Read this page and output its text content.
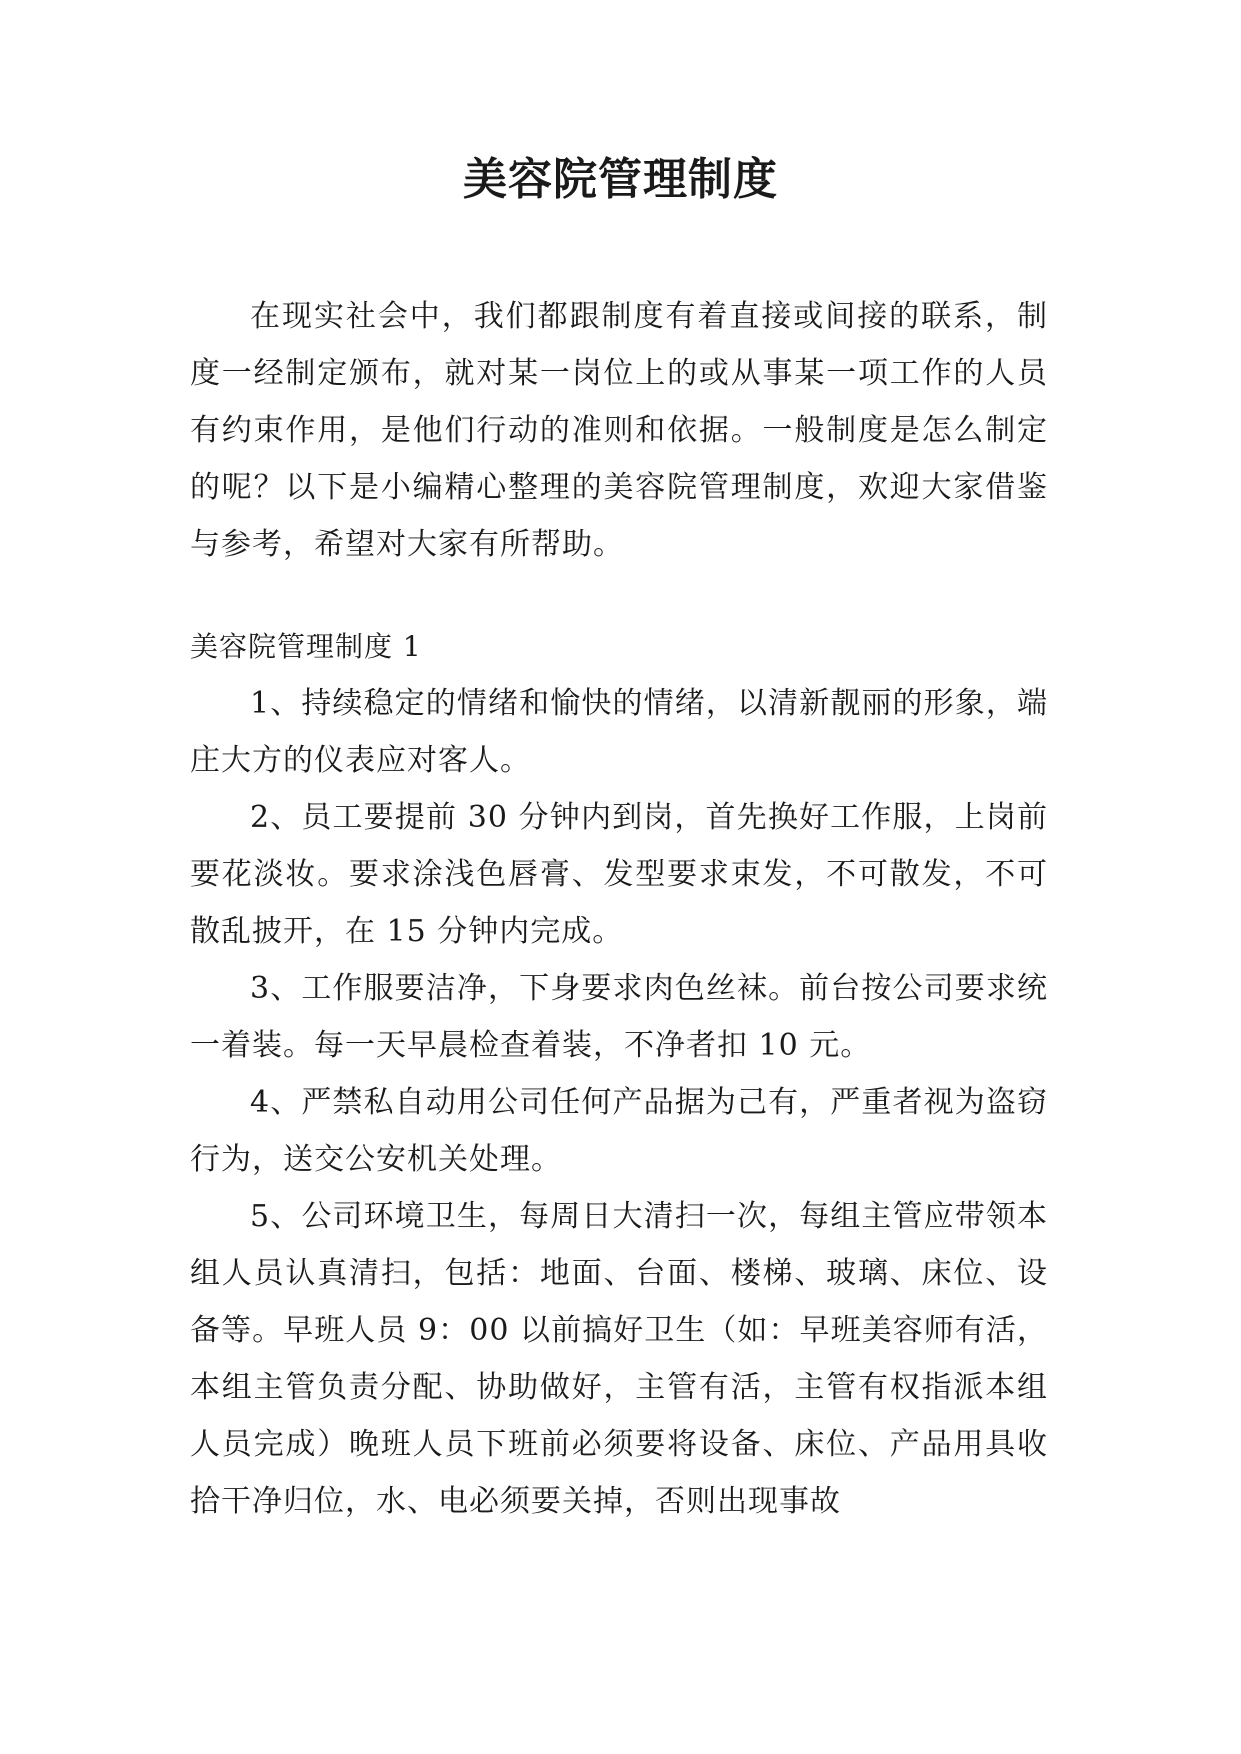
美容院管理制度

在现实社会中，我们都跟制度有着直接或间接的联系，制度一经制定颁布，就对某一岗位上的或从事某一项工作的人员有约束作用，是他们行动的准则和依据。一般制度是怎么制定的呢？以下是小编精心整理的美容院管理制度，欢迎大家借鉴与参考，希望对大家有所帮助。

美容院管理制度 1

1、持续稳定的情绪和愉快的情绪，以清新靓丽的形象，端庄大方的仪表应对客人。

2、员工要提前 30 分钟内到岗，首先换好工作服，上岗前要花淡妆。要求涂浅色唇膏、发型要求束发，不可散发，不可散乱披开，在 15 分钟内完成。

3、工作服要洁净，下身要求肉色丝袜。前台按公司要求统一着装。每一天早晨检查着装，不净者扣 10 元。

4、严禁私自动用公司任何产品据为己有，严重者视为盗窃行为，送交公安机关处理。

5、公司环境卫生，每周日大清扫一次，每组主管应带领本组人员认真清扫，包括：地面、台面、楼梯、玻璃、床位、设备等。早班人员 9：00 以前搞好卫生（如：早班美容师有活，本组主管负责分配、协助做好，主管有活，主管有权指派本组人员完成）晚班人员下班前必须要将设备、床位、产品用具收拾干净归位，水、电必须要关掉，否则出现事故
